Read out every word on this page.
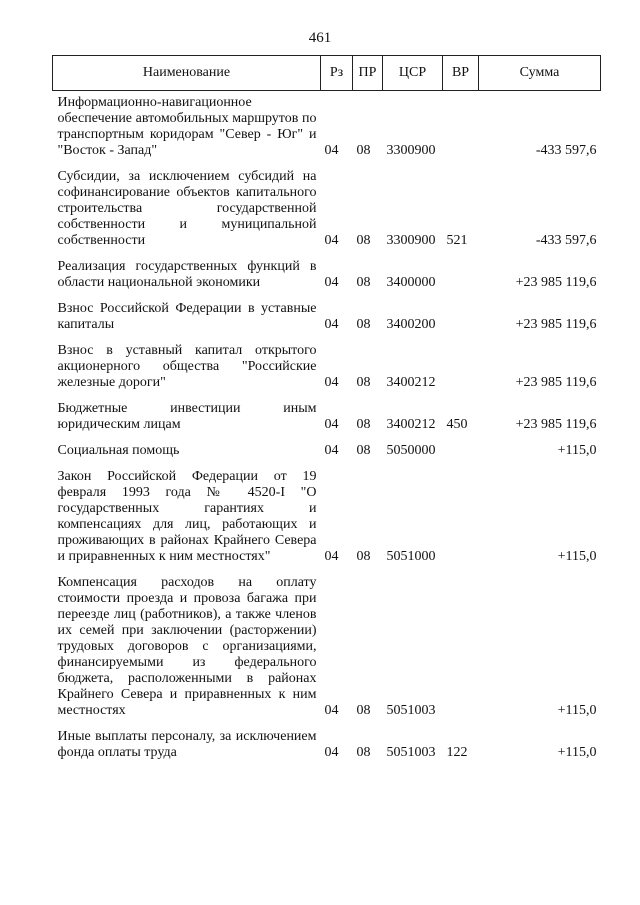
461
Наименование	Рз	ПР	ЦСР	ВР	Сумма
Информационно-навигационное обеспечение автомобильных маршрутов по транспортным коридорам "Север - Юг" и "Восток - Запад"	04	08	3300900		-433 597,6
Субсидии, за исключением субсидий на софинансирование объектов капитального строительства государственной собственности и муниципальной собственности	04	08	3300900	521	-433 597,6
Реализация государственных функций в области национальной экономики	04	08	3400000		+23 985 119,6
Взнос Российской Федерации в уставные капиталы	04	08	3400200		+23 985 119,6
Взнос в уставный капитал открытого акционерного общества "Российские железные дороги"	04	08	3400212		+23 985 119,6
Бюджетные инвестиции иным юридическим лицам	04	08	3400212	450	+23 985 119,6
Социальная помощь	04	08	5050000		+115,0
Закон Российской Федерации от 19 февраля 1993 года № 4520-I "О государственных гарантиях и компенсациях для лиц, работающих и проживающих в районах Крайнего Севера и приравненных к ним местностях"	04	08	5051000		+115,0
Компенсация расходов на оплату стоимости проезда и провоза багажа при переезде лиц (работников), а также членов их семей при заключении (расторжении) трудовых договоров с организациями, финансируемыми из федерального бюджета, расположенными в районах Крайнего Севера и приравненных к ним местностях	04	08	5051003		+115,0
Иные выплаты персоналу, за исключением фонда оплаты труда	04	08	5051003	122	+115,0
